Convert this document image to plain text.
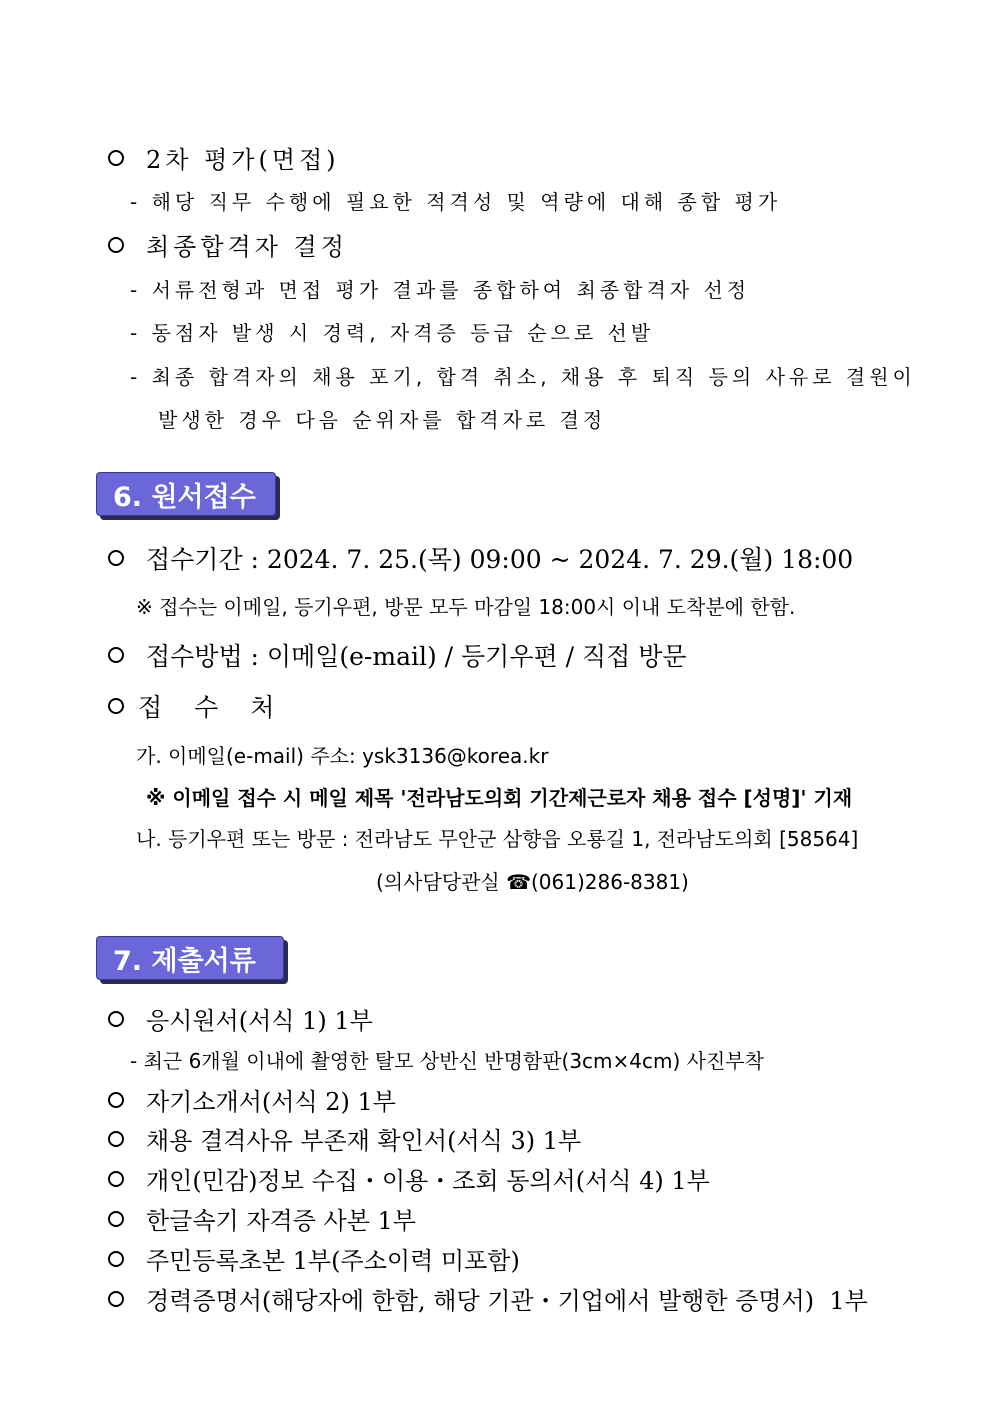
2차 평가(면접)
- 해당 직무 수행에 필요한 적격성 및 역량에 대해 종합 평가
최종합격자 결정
- 서류전형과 면접 평가 결과를 종합하여 최종합격자 선정
- 동점자 발생 시 경력, 자격증 등급 순으로 선발
- 최종 합격자의 채용 포기, 합격 취소, 채용 후 퇴직 등의 사유로 결원이
발생한 경우 다음 순위자를 합격자로 결정
6. 원서접수
접수기간 : 2024. 7. 25.(목) 09:00 ~ 2024. 7. 29.(월) 18:00
※ 접수는 이메일, 등기우편, 방문 모두 마감일 18:00시 이내 도착분에 한함.
접수방법 : 이메일(e-mail) / 등기우편 / 직접 방문
접 수 처
가. 이메일(e-mail) 주소: ysk3136@korea.kr
※ 이메일 접수 시 메일 제목 '전라남도의회 기간제근로자 채용 접수 [성명]' 기재
나. 등기우편 또는 방문 : 전라남도 무안군 삼향읍 오룡길 1, 전라남도의회 [58564]
(의사담당관실 ☎(061)286-8381)
7. 제출서류
응시원서(서식 1) 1부
- 최근 6개월 이내에 촬영한 탈모 상반신 반명함판(3cm×4cm) 사진부착
자기소개서(서식 2) 1부
채용 결격사유 부존재 확인서(서식 3) 1부
개인(민감)정보 수집・이용・조회 동의서(서식 4) 1부
한글속기 자격증 사본 1부
주민등록초본 1부(주소이력 미포함)
경력증명서(해당자에 한함, 해당 기관・기업에서 발행한 증명서)  1부
